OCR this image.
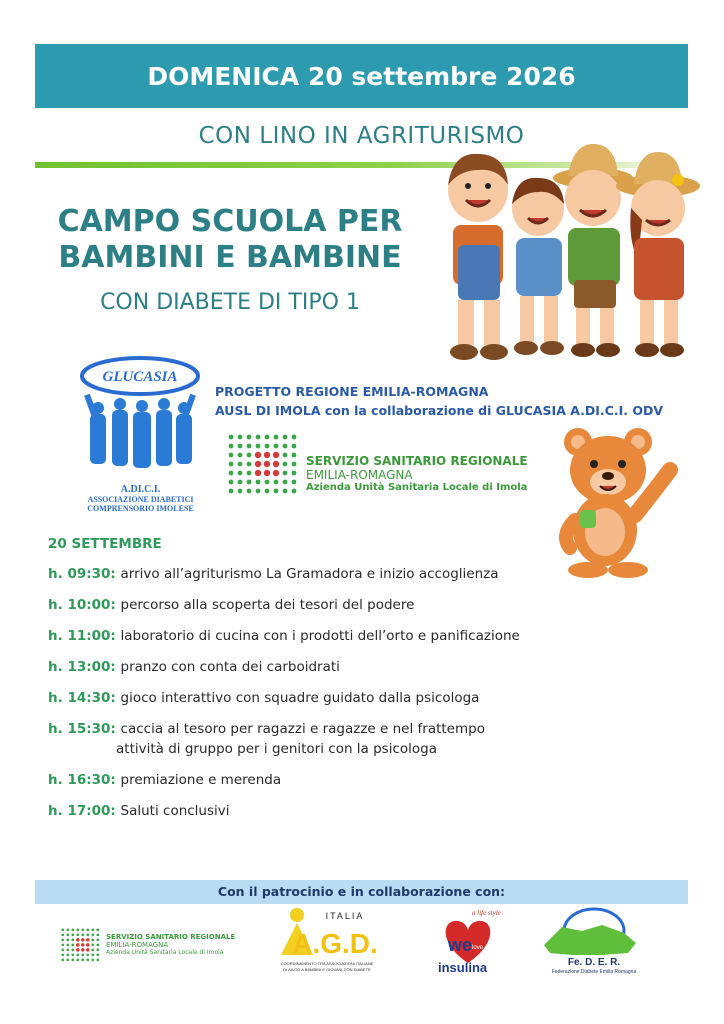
DOMENICA 20 settembre 2026
CON LINO IN AGRITURISMO
CAMPO SCUOLA PER
BAMBINI E BAMBINE
CON DIABETE DI TIPO 1
GLUCASIA
A.DI.C.I.
ASSOCIAZIONE DIABETICI
COMPRENSORIO IMOLESE
PROGETTO REGIONE EMILIA-ROMAGNA
AUSL DI IMOLA con la collaborazione di GLUCASIA A.DI.C.I. ODV
SERVIZIO SANITARIO REGIONALE
EMILIA-ROMAGNA
Azienda Unità Sanitaria Locale di Imola
20 SETTEMBRE
h. 09:30: arrivo all’agriturismo La Gramadora e inizio accoglienza
h. 10:00: percorso alla scoperta dei tesori del podere
h. 11:00: laboratorio di cucina con i prodotti dell’orto e panificazione
h. 13:00: pranzo con conta dei carboidrati
h. 14:30: gioco interattivo con squadre guidato dalla psicologa
h. 15:30: caccia al tesoro per ragazzi e ragazze e nel frattempo
attività di gruppo per i genitori con la psicologa
h. 16:30: premiazione e merenda
h. 17:00: Saluti conclusivi
Con il patrocinio e in collaborazione con:
SERVIZIO SANITARIO REGIONALE
EMILIA-ROMAGNA
Azienda Unità Sanitaria Locale di Imola
ITALIA
A.G.D.
COORDINAMENTO TRA ASSOCIAZIONI ITALIANE
DI AIUTO A BAMBINI E GIOVANI CON DIABETE
a life style
we love
insulina	Fe. D. E. R.
Federazione Diabete Emilia Romagna
